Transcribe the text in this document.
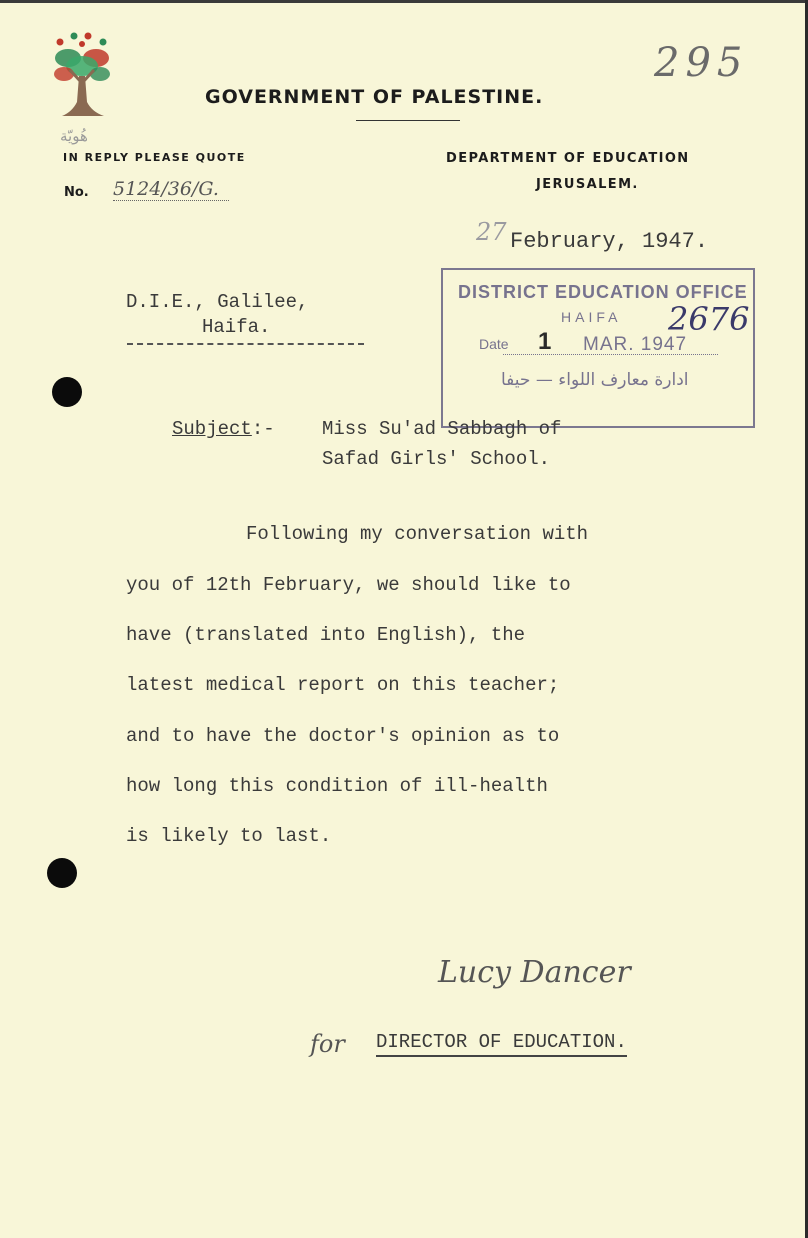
هُويّة
295
GOVERNMENT OF PALESTINE.
IN REPLY PLEASE QUOTE
No. 5124/36/G.
DEPARTMENT OF EDUCATION
JERUSALEM.
27 February, 1947.
D.I.E., Galilee,
Haifa.
DISTRICT EDUCATION OFFICE
HAIFA 2676
Date 1 MAR. 1947
ادارة معارف اللواء — حيفا
Subject:- Miss Su'ad Sabbagh of
Safad Girls' School.
Following my conversation with
you of 12th February, we should like to
have (translated into English), the
latest medical report on this teacher;
and to have the doctor's opinion as to
how long this condition of ill-health
is likely to last.
Lucy Dancer
for DIRECTOR OF EDUCATION.
